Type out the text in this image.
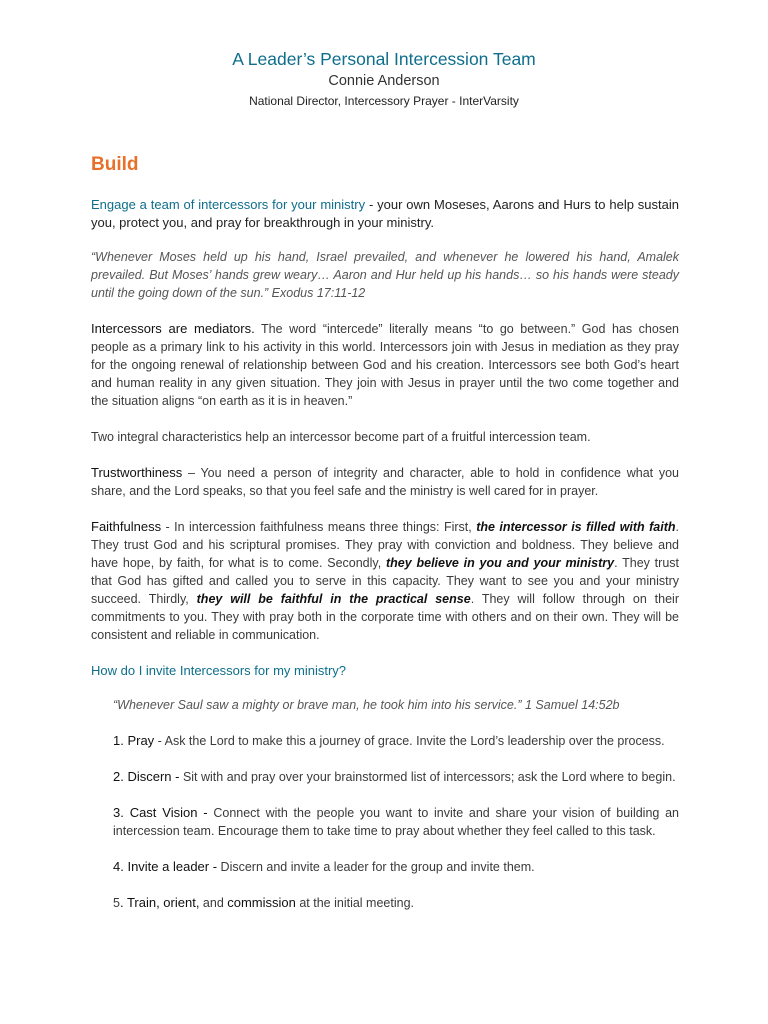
A Leader’s Personal Intercession Team
Connie Anderson
National Director, Intercessory Prayer - InterVarsity
Build

Engage a team of intercessors for your ministry - your own Moseses, Aarons and Hurs to help sustain you, protect you, and pray for breakthrough in your ministry.

“Whenever Moses held up his hand, Israel prevailed, and whenever he lowered his hand, Amalek prevailed. But Moses’ hands grew weary… Aaron and Hur held up his hands… so his hands were steady until the going down of the sun.” Exodus 17:11-12

Intercessors are mediators. The word “intercede” literally means “to go between.” God has chosen people as a primary link to his activity in this world. Intercessors join with Jesus in mediation as they pray for the ongoing renewal of relationship between God and his creation. Intercessors see both God’s heart and human reality in any given situation. They join with Jesus in prayer until the two come together and the situation aligns “on earth as it is in heaven.”

Two integral characteristics help an intercessor become part of a fruitful intercession team.

Trustworthiness – You need a person of integrity and character, able to hold in confidence what you share, and the Lord speaks, so that you feel safe and the ministry is well cared for in prayer.

Faithfulness - In intercession faithfulness means three things: First, the intercessor is filled with faith. They trust God and his scriptural promises. They pray with conviction and boldness. They believe and have hope, by faith, for what is to come. Secondly, they believe in you and your ministry. They trust that God has gifted and called you to serve in this capacity. They want to see you and your ministry succeed. Thirdly, they will be faithful in the practical sense. They will follow through on their commitments to you. They with pray both in the corporate time with others and on their own. They will be consistent and reliable in communication.

How do I invite Intercessors for my ministry?

“Whenever Saul saw a mighty or brave man, he took him into his service.” 1 Samuel 14:52b

1. Pray - Ask the Lord to make this a journey of grace. Invite the Lord’s leadership over the process.

2. Discern - Sit with and pray over your brainstormed list of intercessors; ask the Lord where to begin.

3. Cast Vision - Connect with the people you want to invite and share your vision of building an intercession team. Encourage them to take time to pray about whether they feel called to this task.

4. Invite a leader - Discern and invite a leader for the group and invite them.

5. Train, orient, and commission at the initial meeting.
